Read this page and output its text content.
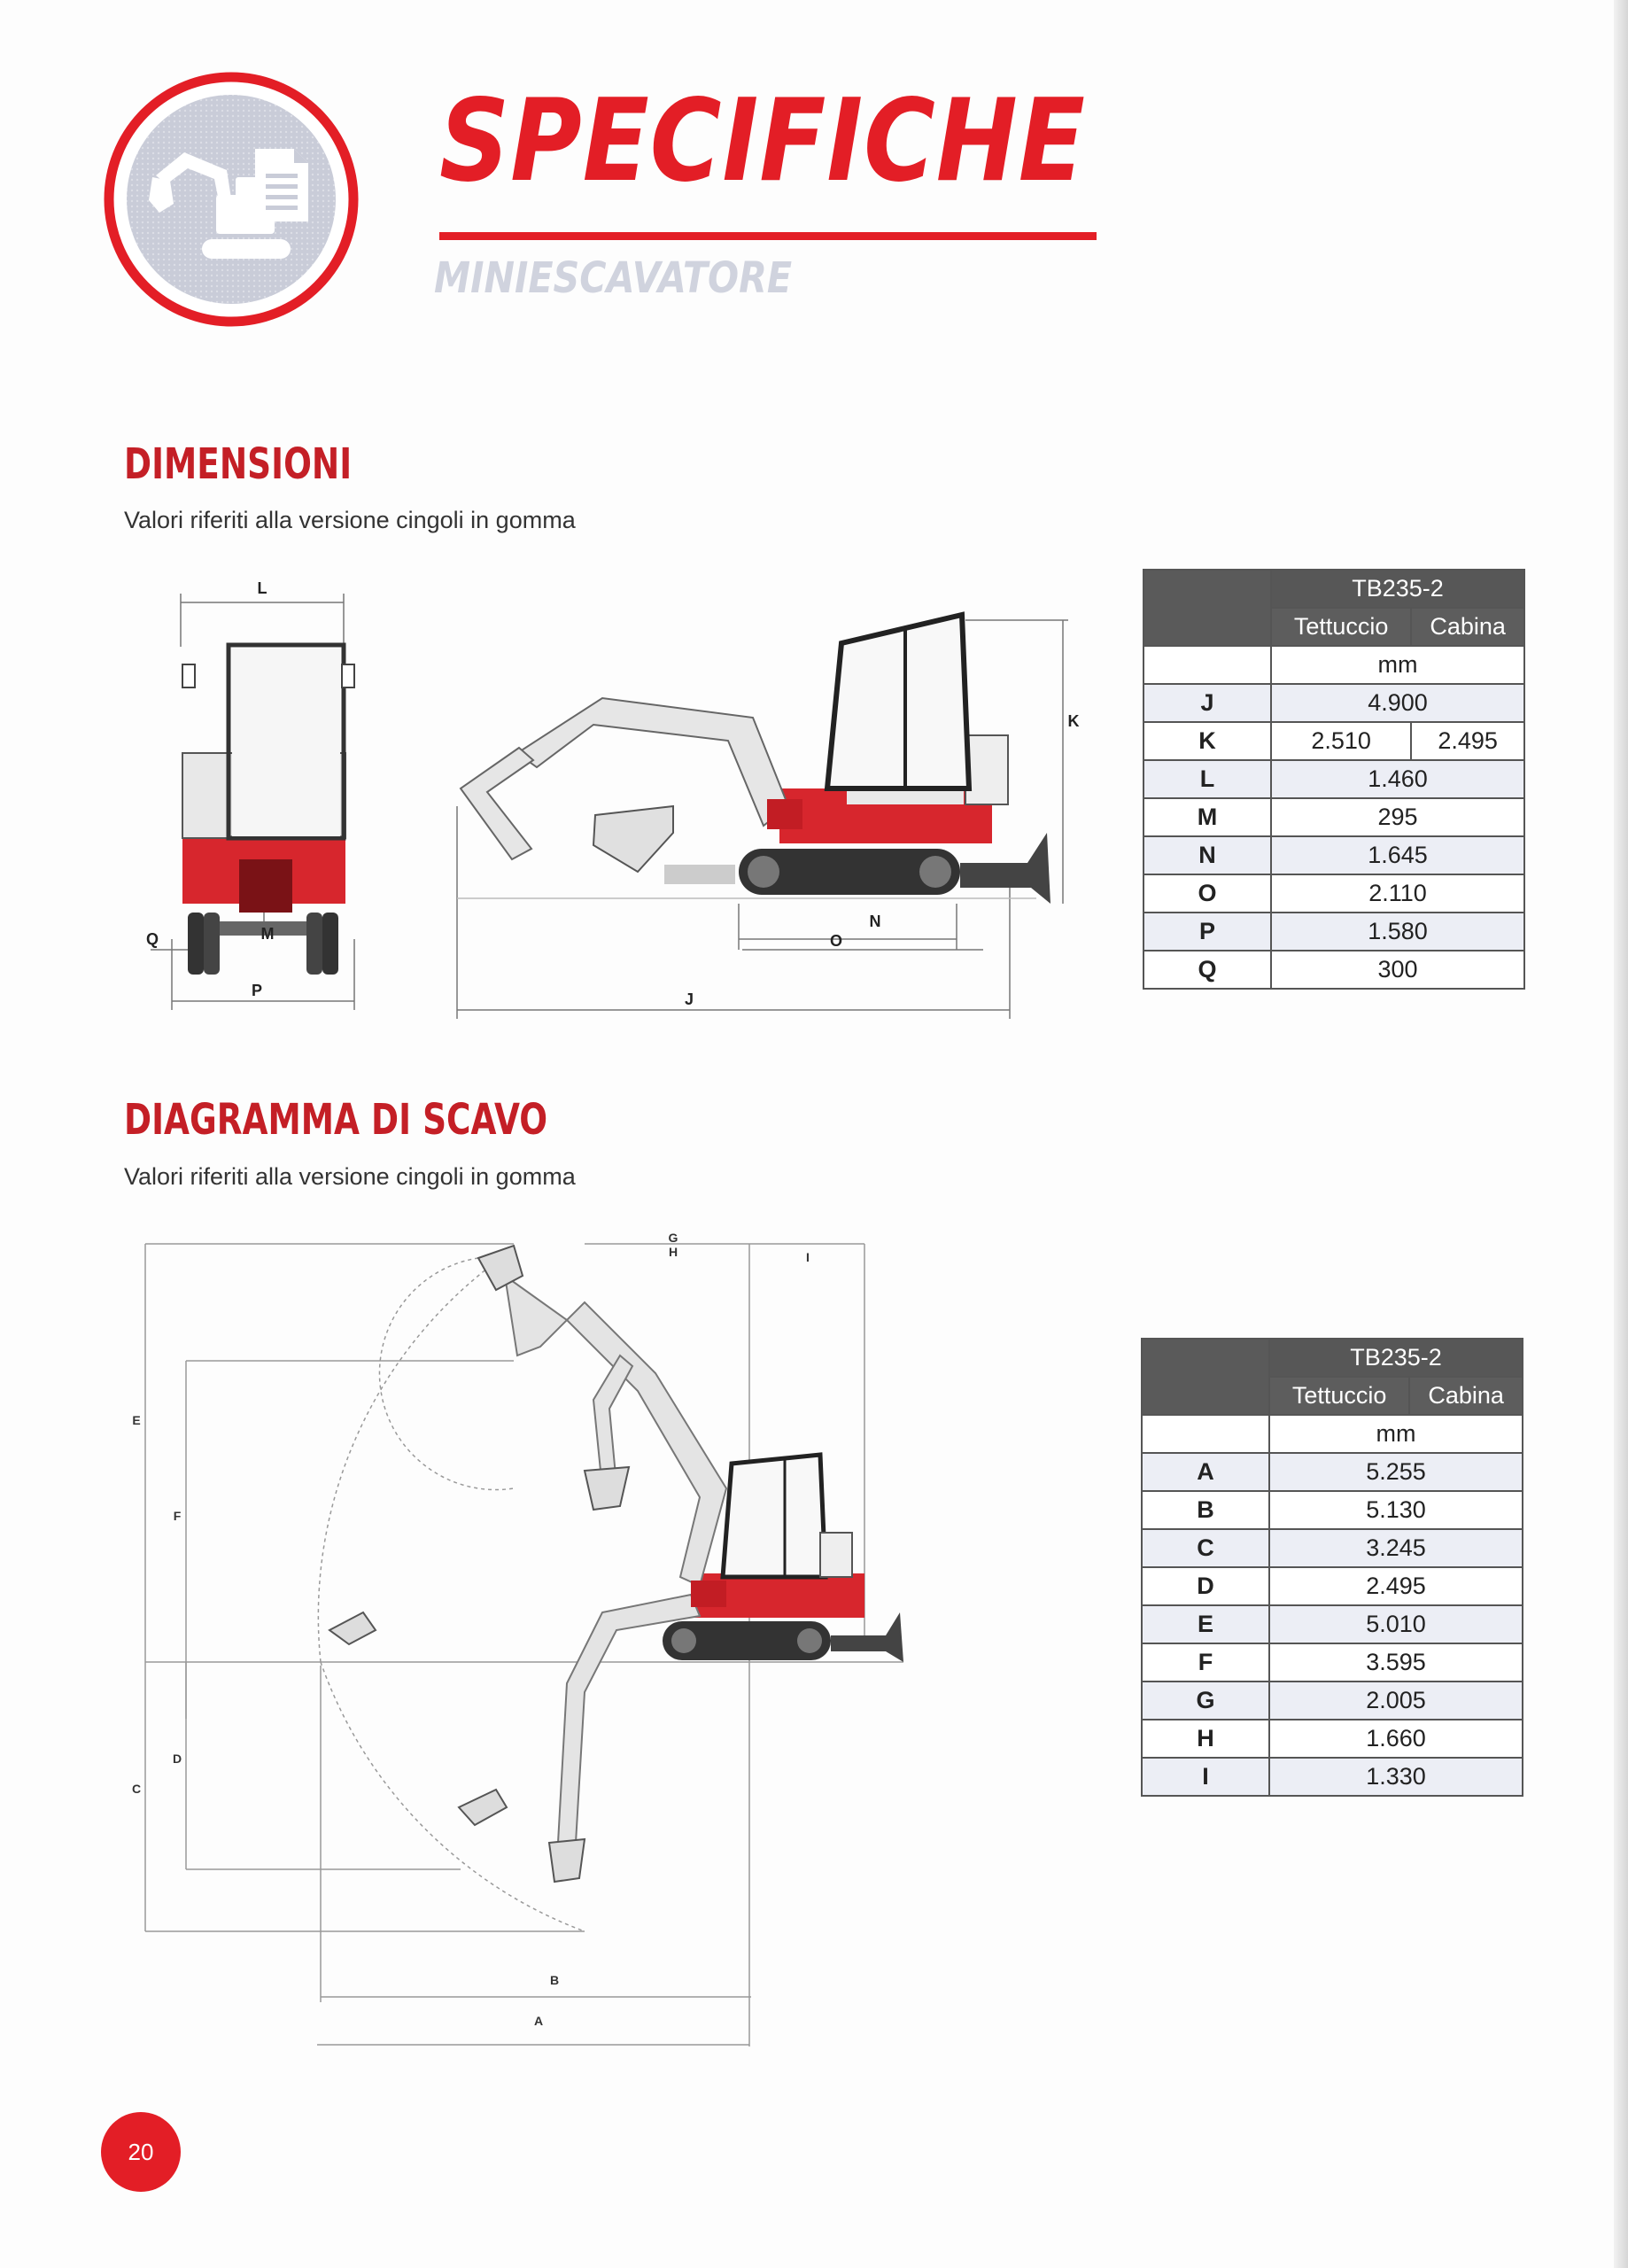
SPECIFICHE
MINIESCAVATORE
DIMENSIONI
Valori riferiti alla versione cingoli in gomma
L
M
P
Q
J
K
N
O
	TB235-2	
	Tettuccio	Cabina
	mm	
J	4.900	
K	2.510	2.495
L	1.460	
M	295	
N	1.645	
O	2.110	
P	1.580	
Q	300	
DIAGRAMMA DI SCAVO
Valori riferiti alla versione cingoli in gomma
A
B
C
D
E
F
G
H	I
	TB235-2	
	Tettuccio	Cabina
	mm	
A	5.255	
B	5.130	
C	3.245	
D	2.495	
E	5.010	
F	3.595	
G	2.005	
H	1.660	
I	1.330	
20
